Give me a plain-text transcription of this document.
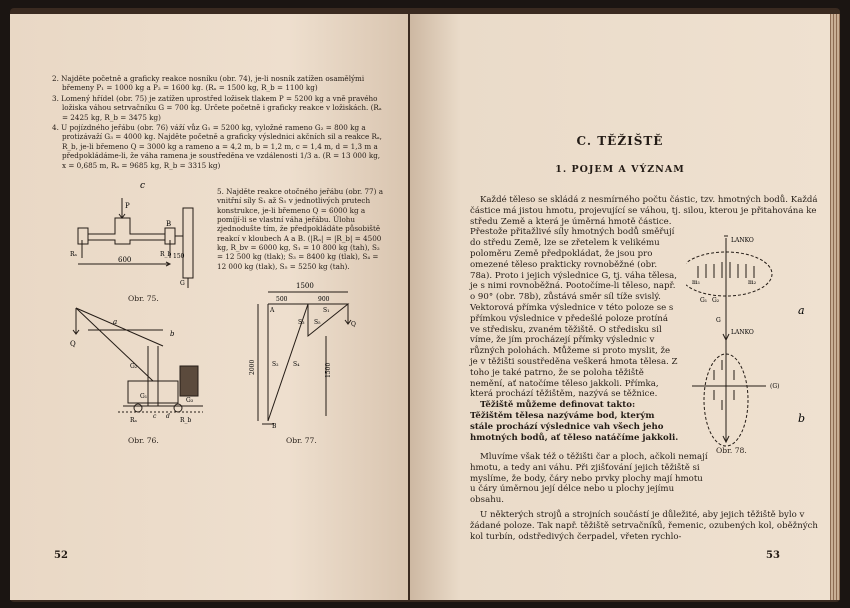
2. Najděte početně a graficky reakce nosníku (obr. 74), je-li nosník zatížen osamělými břemeny P₁ = 1000 kg a P₂ = 1600 kg. (Rₐ = 1500 kg, R_b = 1100 kg)

3. Lomený hřídel (obr. 75) je zatížen uprostřed ložisek tlakem P = 5200 kg a vně pravého ložiska váhou setrvačníku G = 700 kg. Určete početně i graficky reakce v ložiskách. (Rₐ = 2425 kg, R_b = 3475 kg)

4. U pojízdného jeřábu (obr. 76) váží vůz G₁ = 5200 kg, vyložné rameno G₂ = 800 kg a protizávaží G₃ = 4000 kg. Najděte početně a graficky výslednici akčních sil a reakce Rₐ, R_b, je-li břemeno Q = 3000 kg a rameno a = 4,2 m, b = 1,2 m, c = 1,4 m, d = 1,3 m a předpokládáme-li, že váha ramena je soustředěna ve vzdálenosti 1/3 a. (R = 13 000 kg, x = 0,685 m, Rₐ = 9685 kg, R_b = 3315 kg)

5. Najděte reakce otočného jeřábu (obr. 77) a vnitřní síly S₁ až S₅ v jednotlivých prutech konstrukce, je-li břemeno Q = 6000 kg a pomíjí-li se vlastní váha jeřábu. Úlohu zjednodušte tím, že předpokládáte působiště reakcí v kloubech A a B. (|Rₐ| = |R_b| = 4500 kg, R_bv = 6000 kg, S₁ = 10 800 kg (tah), S₂ = 12 500 kg (tlak); S₃ = 8400 kg (tlak), S₄ = 12 000 kg (tlak), S₅ = 5250 kg (tah).

c
P
B
Rₐ	R_b
600	150
G
Obr. 75.
a
b
Q
G₂
G₁
G₃
Rₐ	R_b
c d
Obr. 76.
1500
500	900
S₁
Q
2000	1500
S₂ S₄
S₅
S₃
A
B
Obr. 77.
52
C. TĚŽIŠTĚ
1. POJEM A VÝZNAM

Každé těleso se skládá z nesmírného počtu částic, tzv. hmotných bodů. Každá částice má jistou hmotu, projevující se váhou, tj. silou, kterou je přitahována ke středu Země a která je úměrná hmotě částice.

Přestože přitažlivé síly hmotných bodů směřují do středu Země, lze se zřetelem k velikému poloměru Země předpokládat, že jsou pro omezené těleso prakticky rovnoběžné (obr. 78a). Proto i jejich výslednice G, tj. váha tělesa, je s nimi rovnoběžná. Pootočíme-li těleso, např. o 90° (obr. 78b), zůstává směr síl tíže svislý. Vektorová přímka výslednice v této poloze se s přímkou výslednice v předešlé poloze protíná ve středisku, zvaném těžiště. O středisku sil víme, že jím procházejí přímky výslednic v různých polohách. Můžeme si proto myslit, že je v těžišti soustředěna veškerá hmota tělesa. Z toho je také patrno, že se poloha těžiště nemění, ať natočíme těleso jakkoli. Přímka, která prochází těžištěm, nazývá se těžnice.

Těžiště můžeme definovat takto: Těžištěm tělesa nazýváme bod, kterým stále prochází výslednice vah všech jeho hmotných bodů, ať těleso natáčíme jakkoli.

LANKO
LANKO
m₁	m₂
G₁ G₂
a
G
(G)
b
Obr. 78.

Mluvíme však též o těžišti čar a ploch, ačkoli nemají hmotu, a tedy ani váhu. Při zjišťování jejich těžiště si myslíme, že body, čáry nebo prvky plochy mají hmotu u čáry úměrnou její délce nebo u plochy jejímu obsahu.

U některých strojů a strojních součástí je důležité, aby jejich těžiště bylo v žádané poloze. Tak např. těžiště setrvačníků, řemenic, ozubených kol, oběžných kol turbín, odstředivých čerpadel, vřeten rychlo-

53
